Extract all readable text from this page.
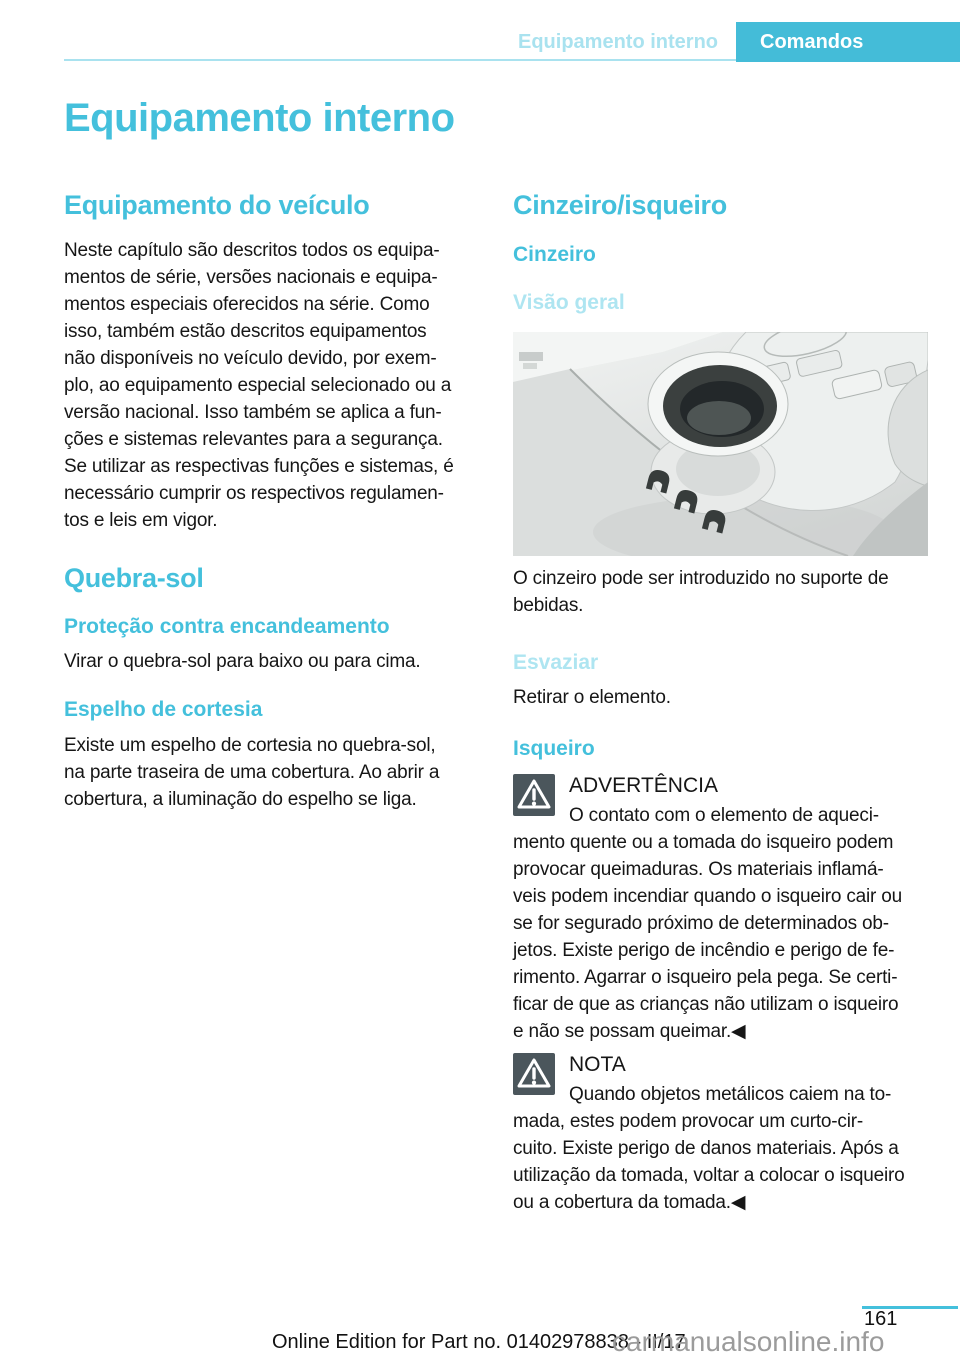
Equipamento interno Comandos
Equipamento interno
Equipamento do veículo

Neste capítulo são descritos todos os equipa-
mentos de série, versões nacionais e equipa-
mentos especiais oferecidos na série. Como
isso, também estão descritos equipamentos
não disponíveis no veículo devido, por exem-
plo, ao equipamento especial selecionado ou a
versão nacional. Isso também se aplica a fun-
ções e sistemas relevantes para a segurança.
Se utilizar as respectivas funções e sistemas, é
necessário cumprir os respectivos regulamen-
tos e leis em vigor.

Quebra-sol
Proteção contra encandeamento

Virar o quebra-sol para baixo ou para cima.

Espelho de cortesia

Existe um espelho de cortesia no quebra-sol,
na parte traseira de uma cobertura. Ao abrir a
cobertura, a iluminação do espelho se liga.

Cinzeiro/isqueiro
Cinzeiro
Visão geral

O cinzeiro pode ser introduzido no suporte de
bebidas.

Esvaziar

Retirar o elemento.

Isqueiro
ADVERTÊNCIA

O contato com o elemento de aqueci-
mento quente ou a tomada do isqueiro podem
provocar queimaduras. Os materiais inflamá-
veis podem incendiar quando o isqueiro cair ou
se for segurado próximo de determinados ob-
jetos. Existe perigo de incêndio e perigo de fe-
rimento. Agarrar o isqueiro pela pega. Se certi-
ficar de que as crianças não utilizam o isqueiro
e não se possam queimar.◀

NOTA

Quando objetos metálicos caiem na to-
mada, estes podem provocar um curto-cir-
cuito. Existe perigo de danos materiais. Após a
utilização da tomada, voltar a colocar o isqueiro
ou a cobertura da tomada.◀

161
Online Edition for Part no. 01402978838 - II/17
carmanualsonline.info
